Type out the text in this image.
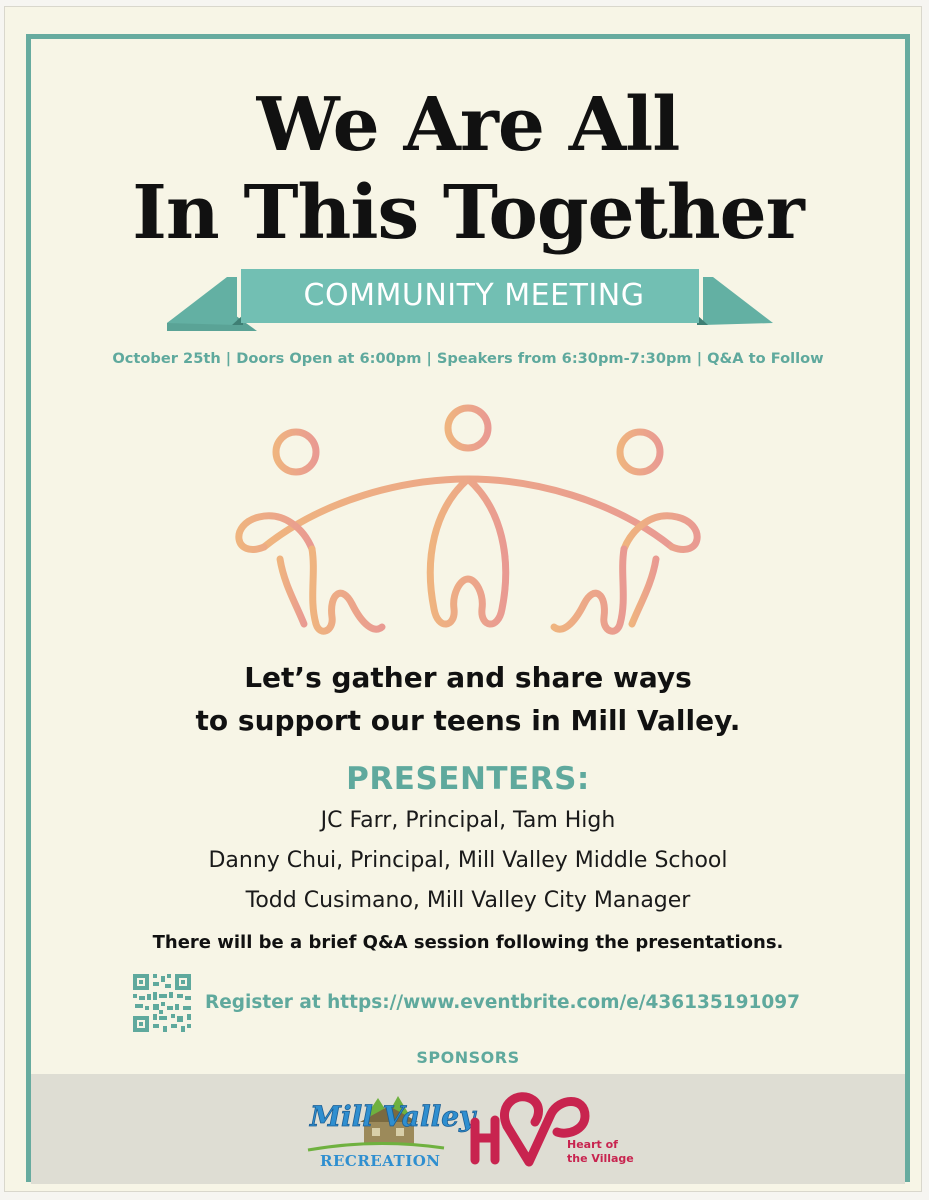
We Are All
In This Together
COMMUNITY MEETING
October 25th | Doors Open at 6:00pm | Speakers from 6:30pm-7:30pm | Q&A to Follow
Let’s gather and share ways
to support our teens in Mill Valley.
PRESENTERS:
JC Farr, Principal, Tam High
Danny Chui, Principal, Mill Valley Middle School
Todd Cusimano, Mill Valley City Manager
There will be a brief Q&A session following the presentations.
Register at https://www.eventbrite.com/e/436135191097
SPONSORS
Mill Valley
RECREATION
Heart of
the Village
